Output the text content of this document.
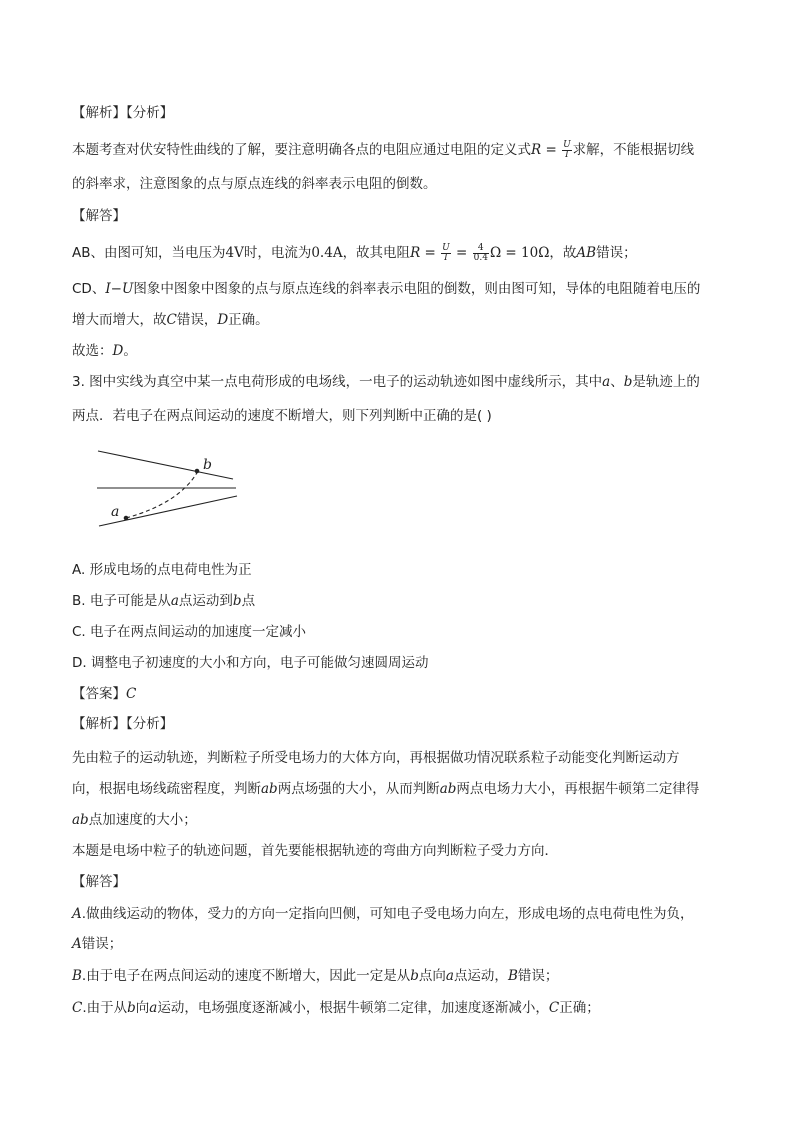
【解析】【分析】
本题考查对伏安特性曲线的了解，要注意明确各点的电阻应通过电阻的定义式$R = \frac{U}{I}$ 求解，不能根据切线
的斜率求，注意图象的点与原点连线的斜率表示电阻的倒数。
【解答】
AB、由图可知，当电压为4V时，电流为0.4A，故其电阻$R = \frac{U}{I} = \frac{4}{0.4}$ Ω = 10Ω，故AB错误；
CD、I−U图象中图象中图象的点与原点连线的斜率表示电阻的倒数，则由图可知，导体的电阻随着电压的
增大而增大，故C错误，D正确。
故选：D。
3. 图中实线为真空中某一点电荷形成的电场线，一电子的运动轨迹如图中虚线所示，其中a、b是轨迹上的
两点．若电子在两点间运动的速度不断增大，则下列判断中正确的是( )
a
b
A. 形成电场的点电荷电性为正
B. 电子可能是从a点运动到b点
C. 电子在两点间运动的加速度一定减小
D. 调整电子初速度的大小和方向，电子可能做匀速圆周运动
【答案】C
【解析】【分析】
先由粒子的运动轨迹，判断粒子所受电场力的大体方向，再根据做功情况联系粒子动能变化判断运动方
向，根据电场线疏密程度，判断ab两点场强的大小，从而判断ab两点电场力大小，再根据牛顿第二定律得
ab点加速度的大小；
本题是电场中粒子的轨迹问题，首先要能根据轨迹的弯曲方向判断粒子受力方向．
【解答】
A.做曲线运动的物体，受力的方向一定指向凹侧，可知电子受电场力向左，形成电场的点电荷电性为负，
A错误；
B.由于电子在两点间运动的速度不断增大，因此一定是从b点向a点运动，B错误；
C.由于从b向a运动，电场强度逐渐减小，根据牛顿第二定律，加速度逐渐减小，C正确；
